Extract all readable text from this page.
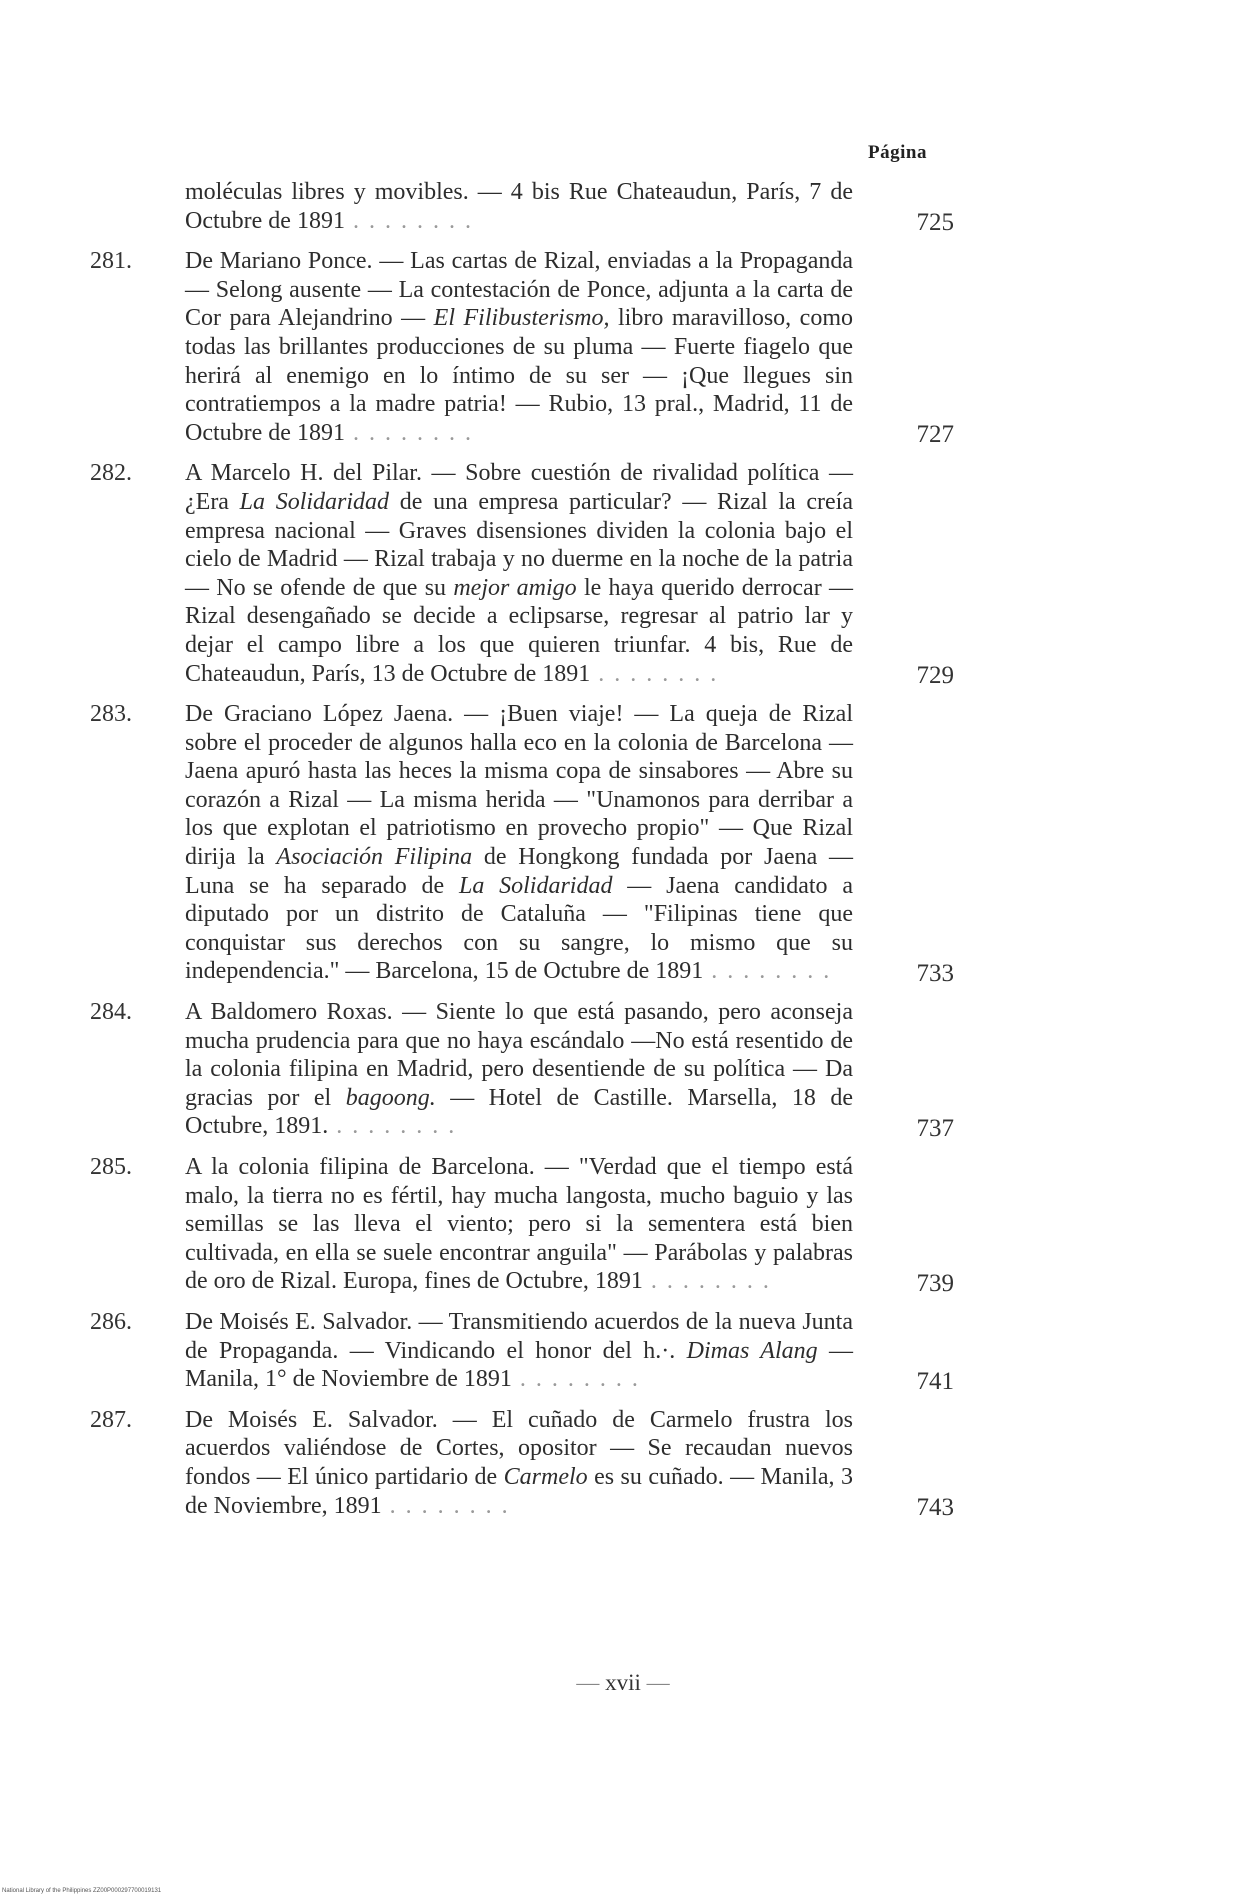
Página
moléculas libres y movibles. — 4 bis Rue Chateaudun, París, 7 de Octubre de 1891 . . . . . . . .	725
281. De Mariano Ponce. — Las cartas de Rizal, enviadas a la Propaganda — Selong ausente — La contestación de Ponce, adjunta a la carta de Cor para Alejandrino — El Filibusterismo, libro maravilloso, como todas las brillantes producciones de su pluma — Fuerte fiagelo que herirá al enemigo en lo íntimo de su ser — ¡Que llegues sin contratiempos a la madre patria! — Rubio, 13 pral., Madrid, 11 de Octubre de 1891 . . . . . . . .	727
282. A Marcelo H. del Pilar. — Sobre cuestión de rivalidad política — ¿Era La Solidaridad de una empresa particular? — Rizal la creía empresa nacional — Graves disensiones dividen la colonia bajo el cielo de Madrid — Rizal trabaja y no duerme en la noche de la patria — No se ofende de que su mejor amigo le haya querido derrocar — Rizal desengañado se decide a eclipsarse, regresar al patrio lar y dejar el campo libre a los que quieren triunfar. 4 bis, Rue de Chateaudun, París, 13 de Octubre de 1891 . . . . . . . .	729
283. De Graciano López Jaena. — ¡Buen viaje! — La queja de Rizal sobre el proceder de algunos halla eco en la colonia de Barcelona — Jaena apuró hasta las heces la misma copa de sinsabores — Abre su corazón a Rizal — La misma herida — "Unamonos para derribar a los que explotan el patriotismo en provecho propio" — Que Rizal dirija la Asociación Filipina de Hongkong fundada por Jaena — Luna se ha separado de La Solidaridad — Jaena candidato a diputado por un distrito de Cataluña — "Filipinas tiene que conquistar sus derechos con su sangre, lo mismo que su independencia." — Barcelona, 15 de Octubre de 1891 . . . . . . . .	733
284. A Baldomero Roxas. — Siente lo que está pasando, pero aconseja mucha prudencia para que no haya escándalo —No está resentido de la colonia filipina en Madrid, pero desentiende de su política — Da gracias por el bagoong. — Hotel de Castille. Marsella, 18 de Octubre, 1891. . . . . . . . .	737
285. A la colonia filipina de Barcelona. — "Verdad que el tiempo está malo, la tierra no es fértil, hay mucha langosta, mucho baguio y las semillas se las lleva el viento; pero si la sementera está bien cultivada, en ella se suele encontrar anguila" — Parábolas y palabras de oro de Rizal. Europa, fines de Octubre, 1891 . . . . . . . .	739
286. De Moisés E. Salvador. — Transmitiendo acuerdos de la nueva Junta de Propaganda. — Vindicando el honor del h.·. Dimas Alang — Manila, 1° de Noviembre de 1891 . . . . . . . .	741
287. De Moisés E. Salvador. — El cuñado de Carmelo frustra los acuerdos valiéndose de Cortes, opositor — Se recaudan nuevos fondos — El único partidario de Carmelo es su cuñado. — Manila, 3 de Noviembre, 1891 . . . . . . . .	743
— xvii —
National Library of the Philippines ZZ00P000297700019131
